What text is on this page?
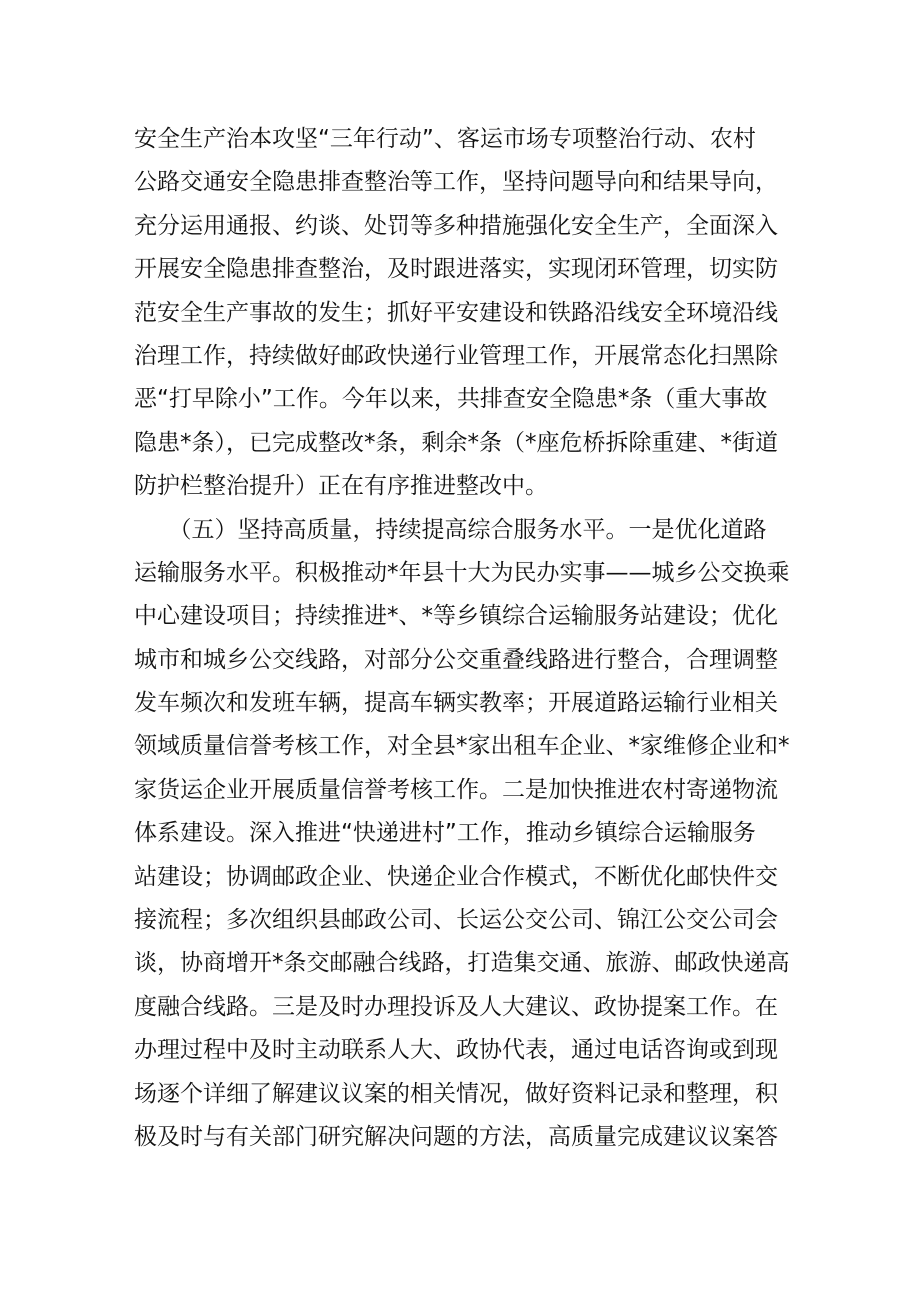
安全生产治本攻坚“三年行动”、客运市场专项整治行动、农村
公路交通安全隐患排查整治等工作，坚持问题导向和结果导向，
充分运用通报、约谈、处罚等多种措施强化安全生产，全面深入
开展安全隐患排查整治，及时跟进落实，实现闭环管理，切实防
范安全生产事故的发生；抓好平安建设和铁路沿线安全环境沿线
治理工作，持续做好邮政快递行业管理工作，开展常态化扫黑除
恶“打早除小”工作。今年以来，共排查安全隐患*条（重大事故
隐患*条），已完成整改*条，剩余*条（*座危桥拆除重建、*街道
防护栏整治提升）正在有序推进整改中。
　　（五）坚持高质量，持续提高综合服务水平。一是优化道路
运输服务水平。积极推动*年县十大为民办实事——城乡公交换乘
中心建设项目；持续推进*、*等乡镇综合运输服务站建设；优化
城市和城乡公交线路，对部分公交重叠线路进行整合，合理调整
发车频次和发班车辆，提高车辆实教率；开展道路运输行业相关
领域质量信誉考核工作，对全县*家出租车企业、*家维修企业和*
家货运企业开展质量信誉考核工作。二是加快推进农村寄递物流
体系建设。深入推进“快递进村”工作，推动乡镇综合运输服务
站建设；协调邮政企业、快递企业合作模式，不断优化邮快件交
接流程；多次组织县邮政公司、长运公交公司、锦江公交公司会
谈，协商增开*条交邮融合线路，打造集交通、旅游、邮政快递高
度融合线路。三是及时办理投诉及人大建议、政协提案工作。在
办理过程中及时主动联系人大、政协代表，通过电话咨询或到现
场逐个详细了解建议议案的相关情况，做好资料记录和整理，积
极及时与有关部门研究解决问题的方法，高质量完成建议议案答
